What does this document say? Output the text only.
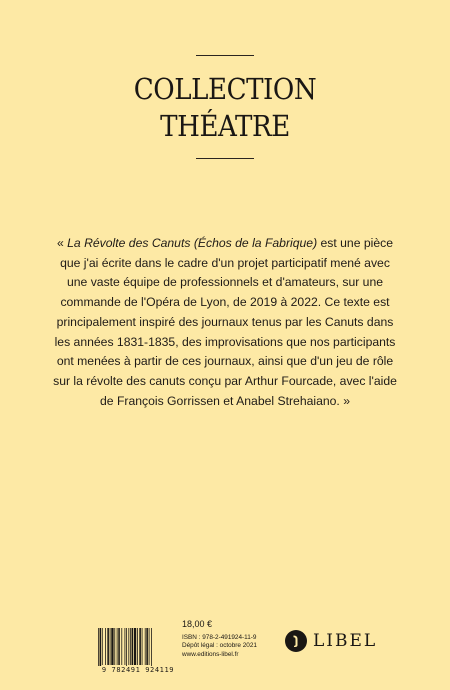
COLLECTION
THÉATRE
« La Révolte des Canuts (Échos de la Fabrique) est une pièce que j'ai écrite dans le cadre d'un projet participatif mené avec une vaste équipe de professionnels et d'amateurs, sur une commande de l'Opéra de Lyon, de 2019 à 2022. Ce texte est principalement inspiré des journaux tenus par les Canuts dans les années 1831-1835, des improvisations que nos participants ont menées à partir de ces journaux, ainsi que d'un jeu de rôle sur la révolte des canuts conçu par Arthur Fourcade, avec l'aide de François Gorrissen et Anabel Strehaiano. »
9 782491 924119
18,00 €
ISBN : 978-2-491924-11-9
Dépôt légal : octobre 2021
www.editions-libel.fr
LIBEL
